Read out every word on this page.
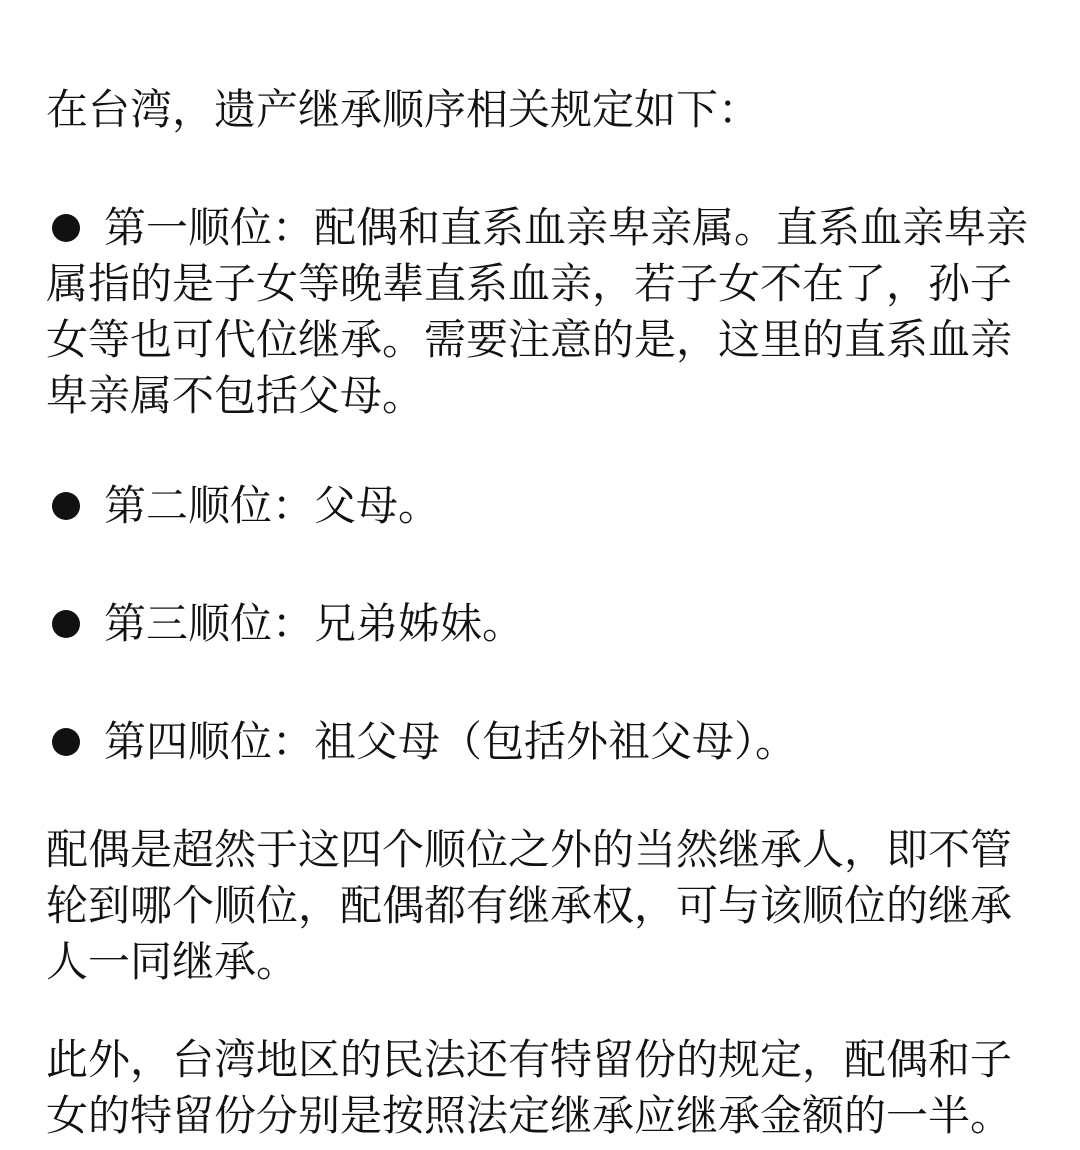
在台湾，遗产继承顺序相关规定如下：

第一顺位：配偶和直系血亲卑亲属。直系血亲卑亲属指的是子女等晚辈直系血亲，若子女不在了，孙子女等也可代位继承。需要注意的是，这里的直系血亲卑亲属不包括父母。

第二顺位：父母。

第三顺位：兄弟姊妹。

第四顺位：祖父母（包括外祖父母）。

配偶是超然于这四个顺位之外的当然继承人，即不管轮到哪个顺位，配偶都有继承权，可与该顺位的继承人一同继承。

此外，台湾地区的民法还有特留份的规定，配偶和子女的特留份分别是按照法定继承应继承金额的一半。
